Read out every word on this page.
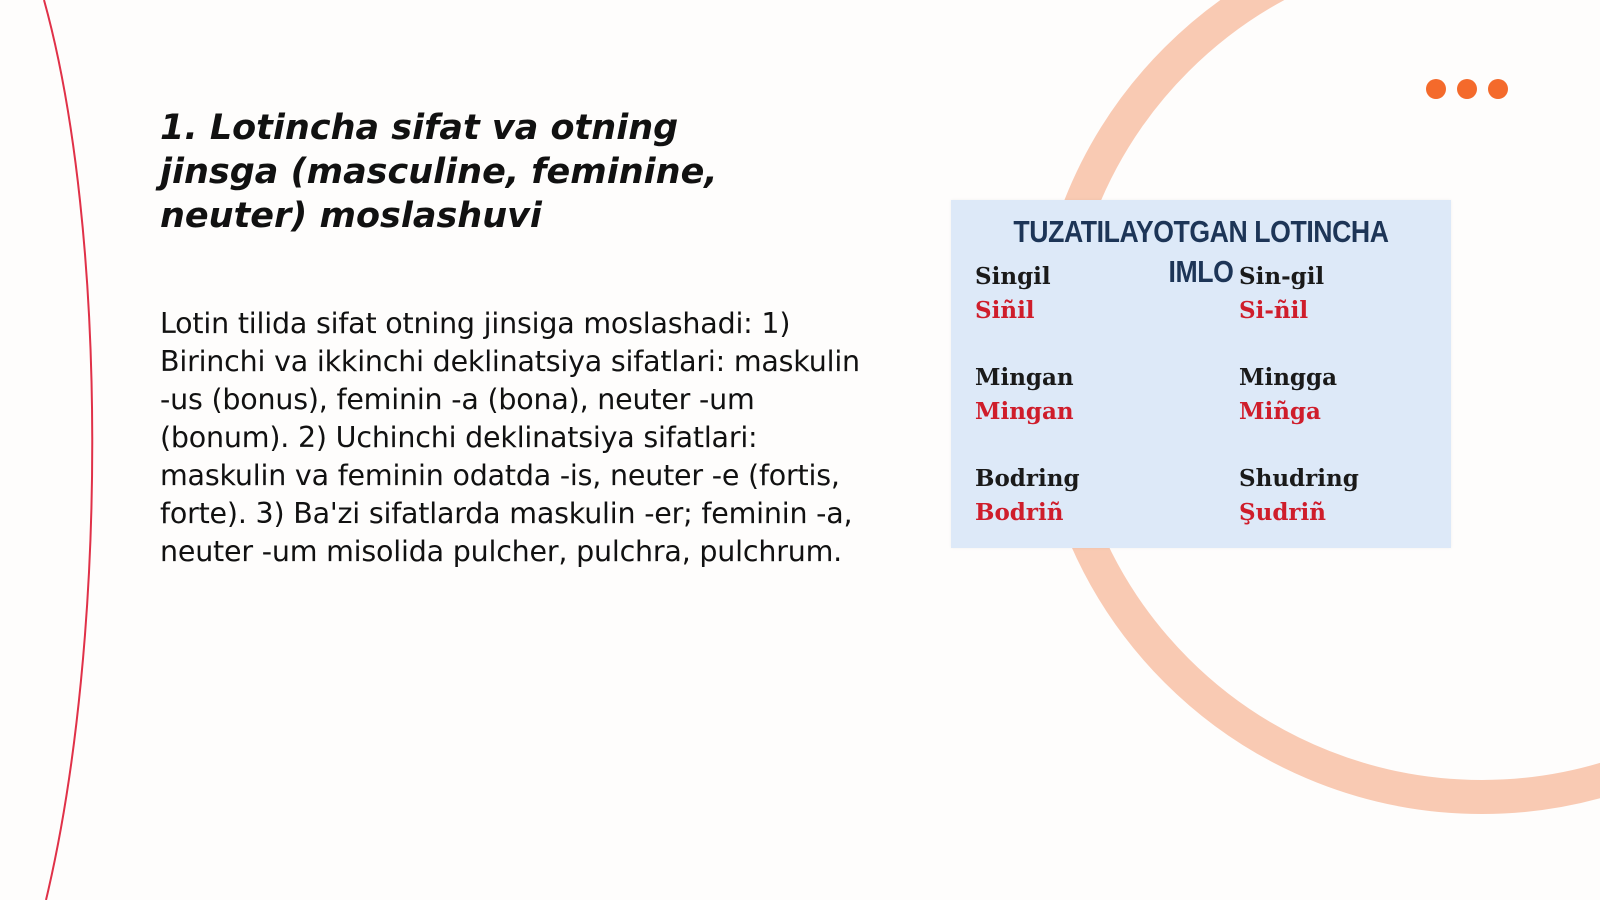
1. Lotincha sifat va otning jinsga (masculine, feminine, neuter) moslashuvi

Lotin tilida sifat otning jinsiga moslashadi: 1) Birinchi va ikkinchi deklinatsiya sifatlari: maskulin -us (bonus), feminin -a (bona), neuter -um (bonum). 2) Uchinchi deklinatsiya sifatlari: maskulin va feminin odatda -is, neuter -e (fortis, forte). 3) Ba'zi sifatlarda maskulin -er; feminin -a, neuter -um misolida pulcher, pulchra, pulchrum.

TUZATILAYOTGAN LOTINCHA IMLO
Singil
Siñil
Sin-gil
Si-ñil
Mingan
Mingan
Mingga
Miñga
Bodring
Bodriñ
Shudring
Şudriñ
